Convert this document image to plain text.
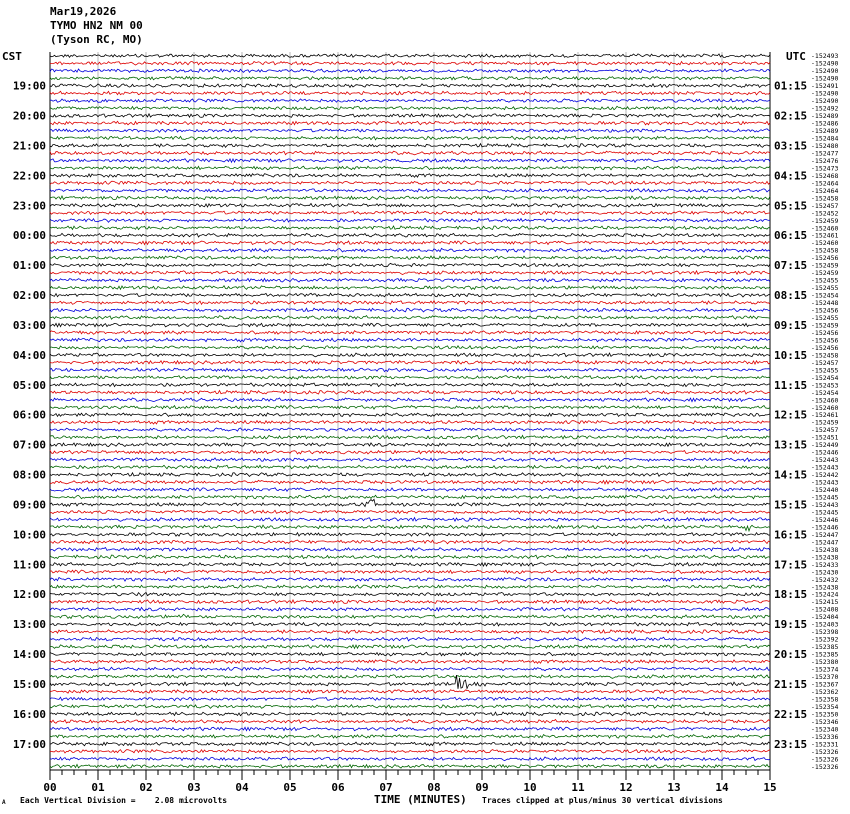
19:00
20:00
21:00
22:00
23:00
00:00
01:00
02:00
03:00
04:00
05:00
06:00
07:00
08:00
09:00
10:00
11:00
12:00
13:00
14:00
15:00
16:00
17:00
01:15
02:15
03:15
04:15
05:15
06:15
07:15
08:15
09:15
10:15
11:15
12:15
13:15
14:15
15:15
16:15
17:15
18:15
19:15
20:15
21:15
22:15
23:15
-152493
-152490
-152490
-152490
-152491
-152490
-152490
-152492
-152489
-152486
-152489
-152484
-152480
-152477
-152476
-152473
-152468
-152464
-152464
-152458
-152457
-152452
-152459
-152460
-152461
-152460
-152458
-152456
-152459
-152459
-152455
-152455
-152454
-152448
-152456
-152455
-152459
-152456
-152456
-152456
-152458
-152457
-152455
-152454
-152453
-152454
-152460
-152460
-152461
-152459
-152457
-152451
-152449
-152446
-152443
-152443
-152442
-152443
-152440
-152445
-152443
-152445
-152446
-152446
-152447
-152447
-152438
-152438
-152433
-152430
-152432
-152438
-152424
-152415
-152408
-152404
-152403
-152398
-152392
-152385
-152385
-152380
-152374
-152370
-152367
-152362
-152358
-152354
-152350
-152346
-152340
-152336
-152331
-152326
-152326
-152326
00	01	02	03	04	05	06	07	08	09	10	11	12	13	14	15
Mar19,2026
TYMO HN2 NM 00
(Tyson RC, MO)
CST	UTC
A Each Vertical Division =    2.08 microvolts	TIME (MINUTES) Traces clipped at plus/minus 30 vertical divisions
